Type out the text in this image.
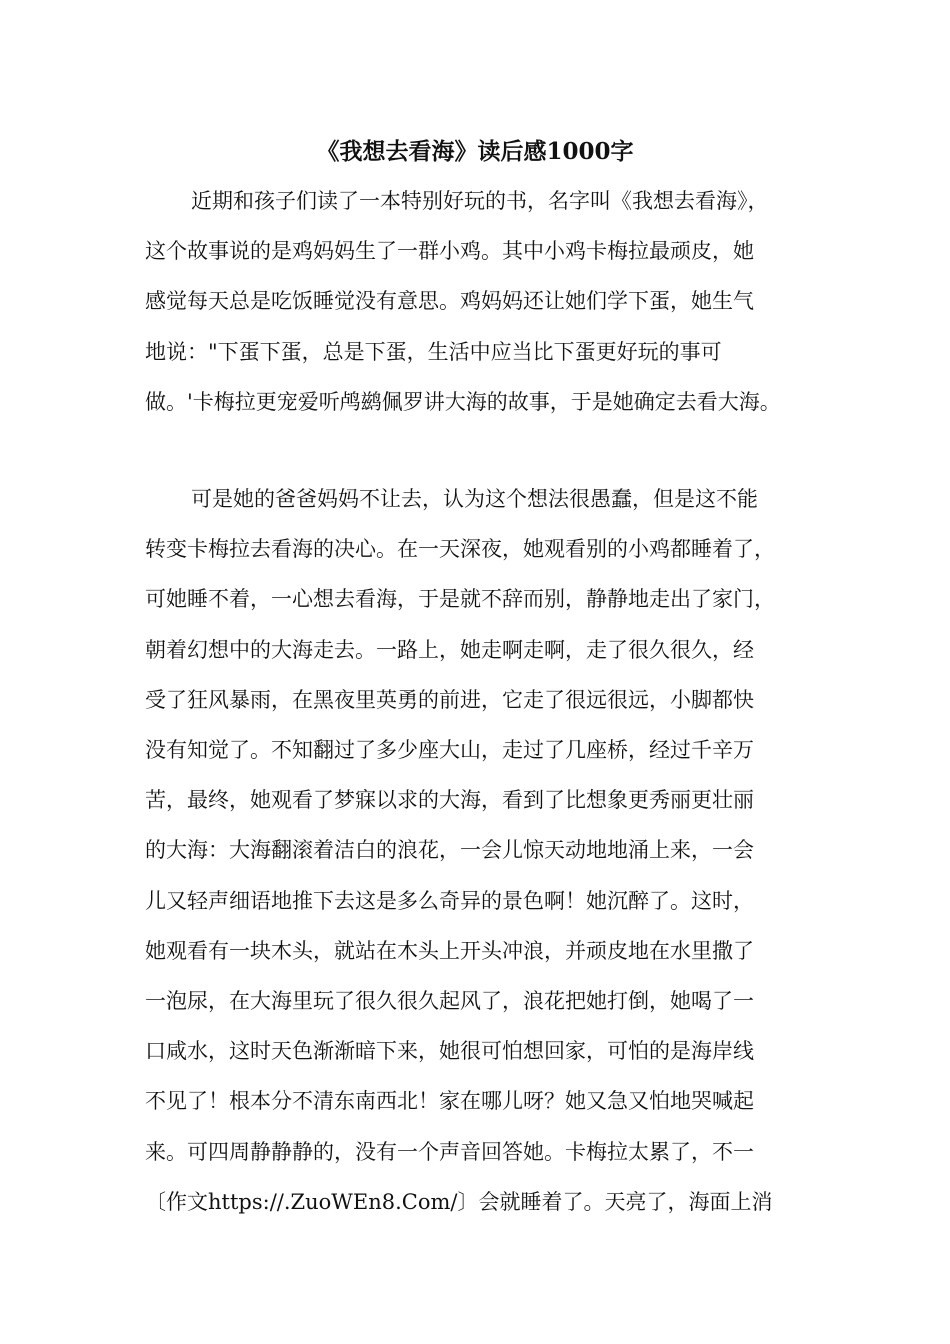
《我想去看海》读后感1000字
近期和孩子们读了一本特别好玩的书，名字叫《我想去看海》，
这个故事说的是鸡妈妈生了一群小鸡。其中小鸡卡梅拉最顽皮，她
感觉每天总是吃饭睡觉没有意思。鸡妈妈还让她们学下蛋，她生气
地说："下蛋下蛋，总是下蛋，生活中应当比下蛋更好玩的事可
做。'卡梅拉更宠爱听鸬鹚佩罗讲大海的故事，于是她确定去看大海。
可是她的爸爸妈妈不让去，认为这个想法很愚蠢，但是这不能
转变卡梅拉去看海的决心。在一天深夜，她观看别的小鸡都睡着了，
可她睡不着，一心想去看海，于是就不辞而别，静静地走出了家门，
朝着幻想中的大海走去。一路上，她走啊走啊，走了很久很久，经
受了狂风暴雨，在黑夜里英勇的前进，它走了很远很远，小脚都快
没有知觉了。不知翻过了多少座大山，走过了几座桥，经过千辛万
苦，最终，她观看了梦寐以求的大海，看到了比想象更秀丽更壮丽
的大海：大海翻滚着洁白的浪花，一会儿惊天动地地涌上来，一会
儿又轻声细语地推下去这是多么奇异的景色啊！她沉醉了。这时，
她观看有一块木头，就站在木头上开头冲浪，并顽皮地在水里撒了
一泡尿，在大海里玩了很久很久起风了，浪花把她打倒，她喝了一
口咸水，这时天色渐渐暗下来，她很可怕想回家，可怕的是海岸线
不见了！根本分不清东南西北！家在哪儿呀？她又急又怕地哭喊起
来。可四周静静静的，没有一个声音回答她。卡梅拉太累了，不一
〔作文https://.ZuoWEn8.Com/〕会就睡着了。天亮了，海面上消
